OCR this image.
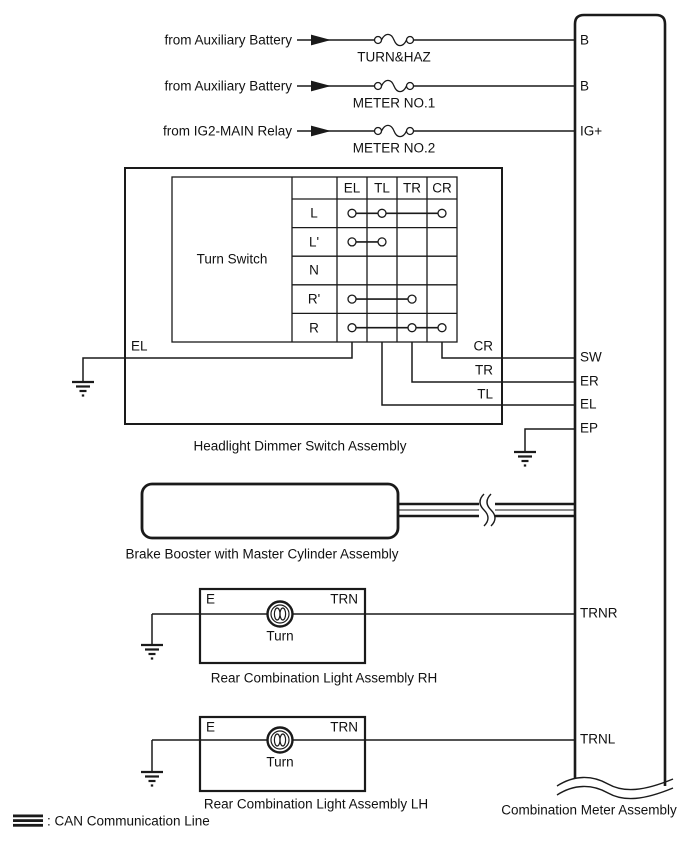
from Auxiliary Battery
from Auxiliary Battery
from IG2-MAIN Relay
TURN&HAZ
METER NO.1
METER NO.2
B
B
IG+
SW
ER
EL
EP
TRNR
TRNL
Combination Meter Assembly
Turn Switch
EL TL TR CR
L
L'
N
R'
R
EL	CR
TR
TL
Headlight Dimmer Switch Assembly
Brake Booster with Master Cylinder Assembly
E	TRN
Turn
Rear Combination Light Assembly RH
E	TRN
Turn
Rear Combination Light Assembly LH
: CAN Communication Line
